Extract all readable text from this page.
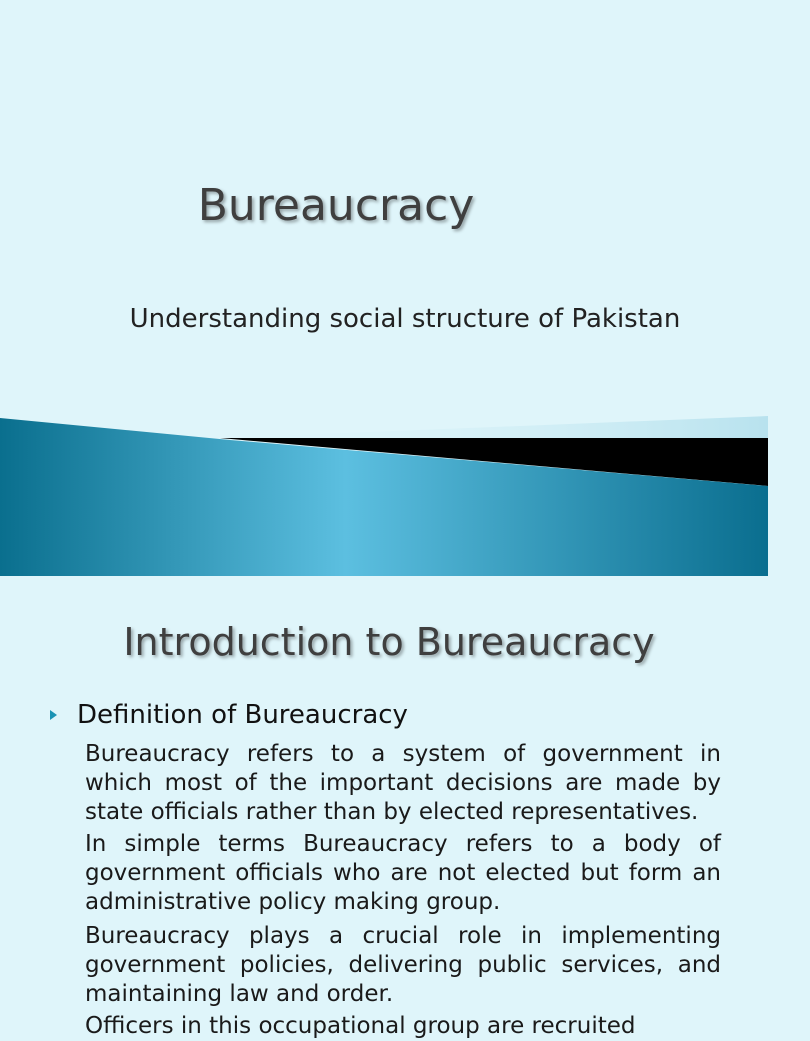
Bureaucracy
Understanding social structure of Pakistan
Introduction to Bureaucracy
Definition of Bureaucracy
Bureaucracy refers to a system of government in which most of the important decisions are made by state officials rather than by elected representatives.
In simple terms Bureaucracy refers to a body of government officials who are not elected but form an administrative policy making group.
Bureaucracy plays a crucial role in implementing government policies, delivering public services, and maintaining law and order.
Officers in this occupational group are recruited
